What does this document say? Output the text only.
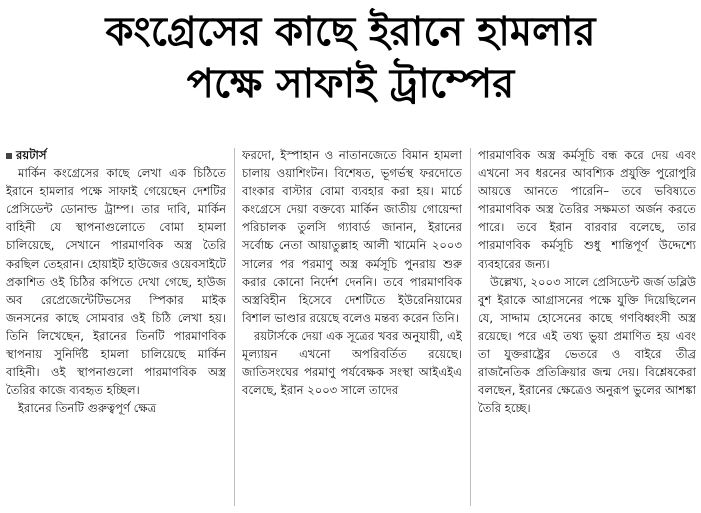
কংগ্রেসের কাছে ইরানে হামলার
পক্ষে সাফাই ট্রাম্পের
রয়টার্স

মার্কিন কংগ্রেসের কাছে লেখা এক চিঠিতে ইরানে হামলার পক্ষে সাফাই গেয়েছেন দেশটির প্রেসিডেন্ট ডোনাল্ড ট্রাম্প। তার দাবি, মার্কিন বাহিনী যে স্থাপনাগুলোতে বোমা হামলা চালিয়েছে, সেখানে পারমাণবিক অস্ত্র তৈরি করছিল তেহরান। হোয়াইট হাউজের ওয়েবসাইটে প্রকাশিত ওই চিঠির কপিতে দেখা গেছে, হাউজ অব রেপ্রেজেন্টেটিভসের স্পিকার মাইক জনসনের কাছে সোমবার ওই চিঠি লেখা হয়। তিনি লিখেছেন, ইরানের তিনটি পারমাণবিক স্থাপনায় সুনির্দিষ্ট হামলা চালিয়েছে মার্কিন বাহিনী। ওই স্থাপনাগুলো পারমাণবিক অস্ত্র তৈরির কাজে ব্যবহৃত হচ্ছিল।

ইরানের তিনটি গুরুত্বপূর্ণ ক্ষেত্র

ফরদো, ইস্পাহান ও নাতানজেতে বিমান হামলা চালায় ওয়াশিংটন। বিশেষত, ভূগর্ভস্থ ফরদোতে বাংকার বাস্টার বোমা ব্যবহার করা হয়। মার্চে কংগ্রেসে দেয়া বক্তব্যে মার্কিন জাতীয় গোয়েন্দা পরিচালক তুলসি গ্যাবার্ড জানান, ইরানের সর্বোচ্চ নেতা আয়াতুল্লাহ আলী খামেনি ২০০৩ সালের পর পরমাণু অস্ত্র কর্মসূচি পুনরায় শুরু করার কোনো নির্দেশ দেননি। তবে পারমাণবিক অস্ত্রবিহীন হিসেবে দেশটিতে ইউরেনিয়ামের বিশাল ভাণ্ডার রয়েছে বলেও মন্তব্য করেন তিনি।

রয়টার্সকে দেয়া এক সূত্রের খবর অনুযায়ী, এই মূল্যায়ন এখনো অপরিবর্তিত রয়েছে। জাতিসংঘের পরমাণু পর্যবেক্ষক সংস্থা আইএইএ বলেছে, ইরান ২০০৩ সালে তাদের

পারমাণবিক অস্ত্র কর্মসূচি বন্ধ করে দেয় এবং এখনো সব ধরনের আবশ্যিক প্রযুক্তি পুরোপুরি আয়ত্তে আনতে পারেনি– তবে ভবিষ্যতে পারমাণবিক অস্ত্র তৈরির সক্ষমতা অর্জন করতে পারে। তবে ইরান বারবার বলেছে, তার পারমাণবিক কর্মসূচি শুধু শান্তিপূর্ণ উদ্দেশ্যে ব্যবহারের জন্য।

উল্লেখ্য, ২০০৩ সালে প্রেসিডেন্ট জর্জ ডব্লিউ বুশ ইরাকে আগ্রাসনের পক্ষে যুক্তি দিয়েছিলেন যে, সাদ্দাম হোসেনের কাছে গণবিধ্বংসী অস্ত্র রয়েছে। পরে এই তথ্য ভুয়া প্রমাণিত হয় এবং তা যুক্তরাষ্ট্রের ভেতরে ও বাইরে তীব্র রাজনৈতিক প্রতিক্রিয়ার জন্ম দেয়। বিশ্লেষকেরা বলছেন, ইরানের ক্ষেত্রেও অনুরূপ ভুলের আশঙ্কা তৈরি হচ্ছে।
